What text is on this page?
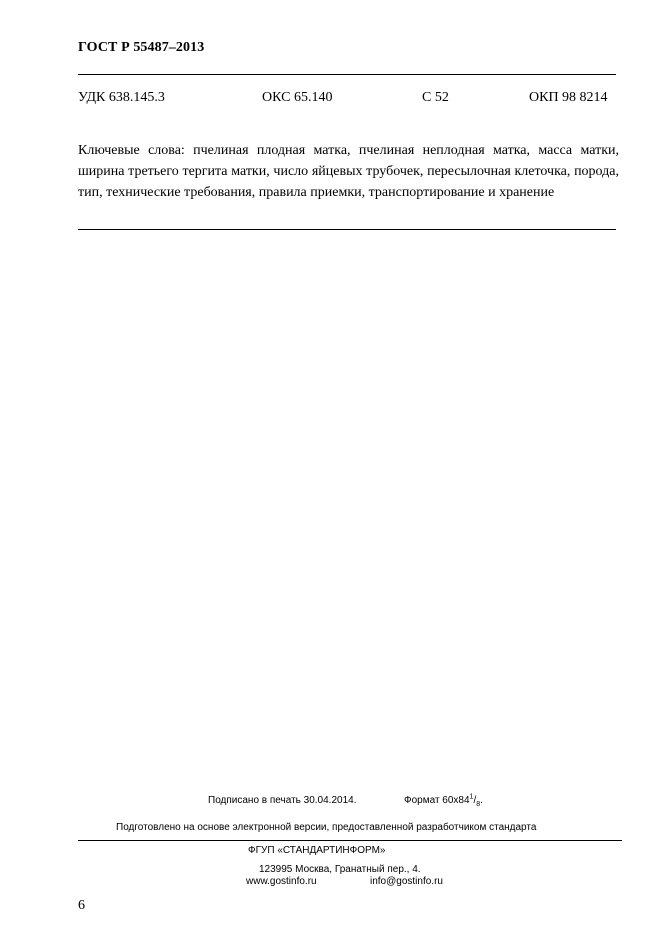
ГОСТ Р 55487–2013
УДК 638.145.3	ОКС 65.140	С 52	ОКП 98 8214
Ключевые слова: пчелиная плодная матка, пчелиная неплодная матка, масса матки, ширина третьего тергита матки, число яйцевых трубочек, пересылочная клеточка, порода, тип, технические требования, правила приемки, транспортирование и хранение
Подписано в печать 30.04.2014.	Формат $60x84^1/_8$.
Подготовлено на основе электронной версии, предоставленной разработчиком стандарта
ФГУП «СТАНДАРТИНФОРМ»
123995 Москва, Гранатный пер., 4.
www.gostinfo.ru	info@gostinfo.ru
6
